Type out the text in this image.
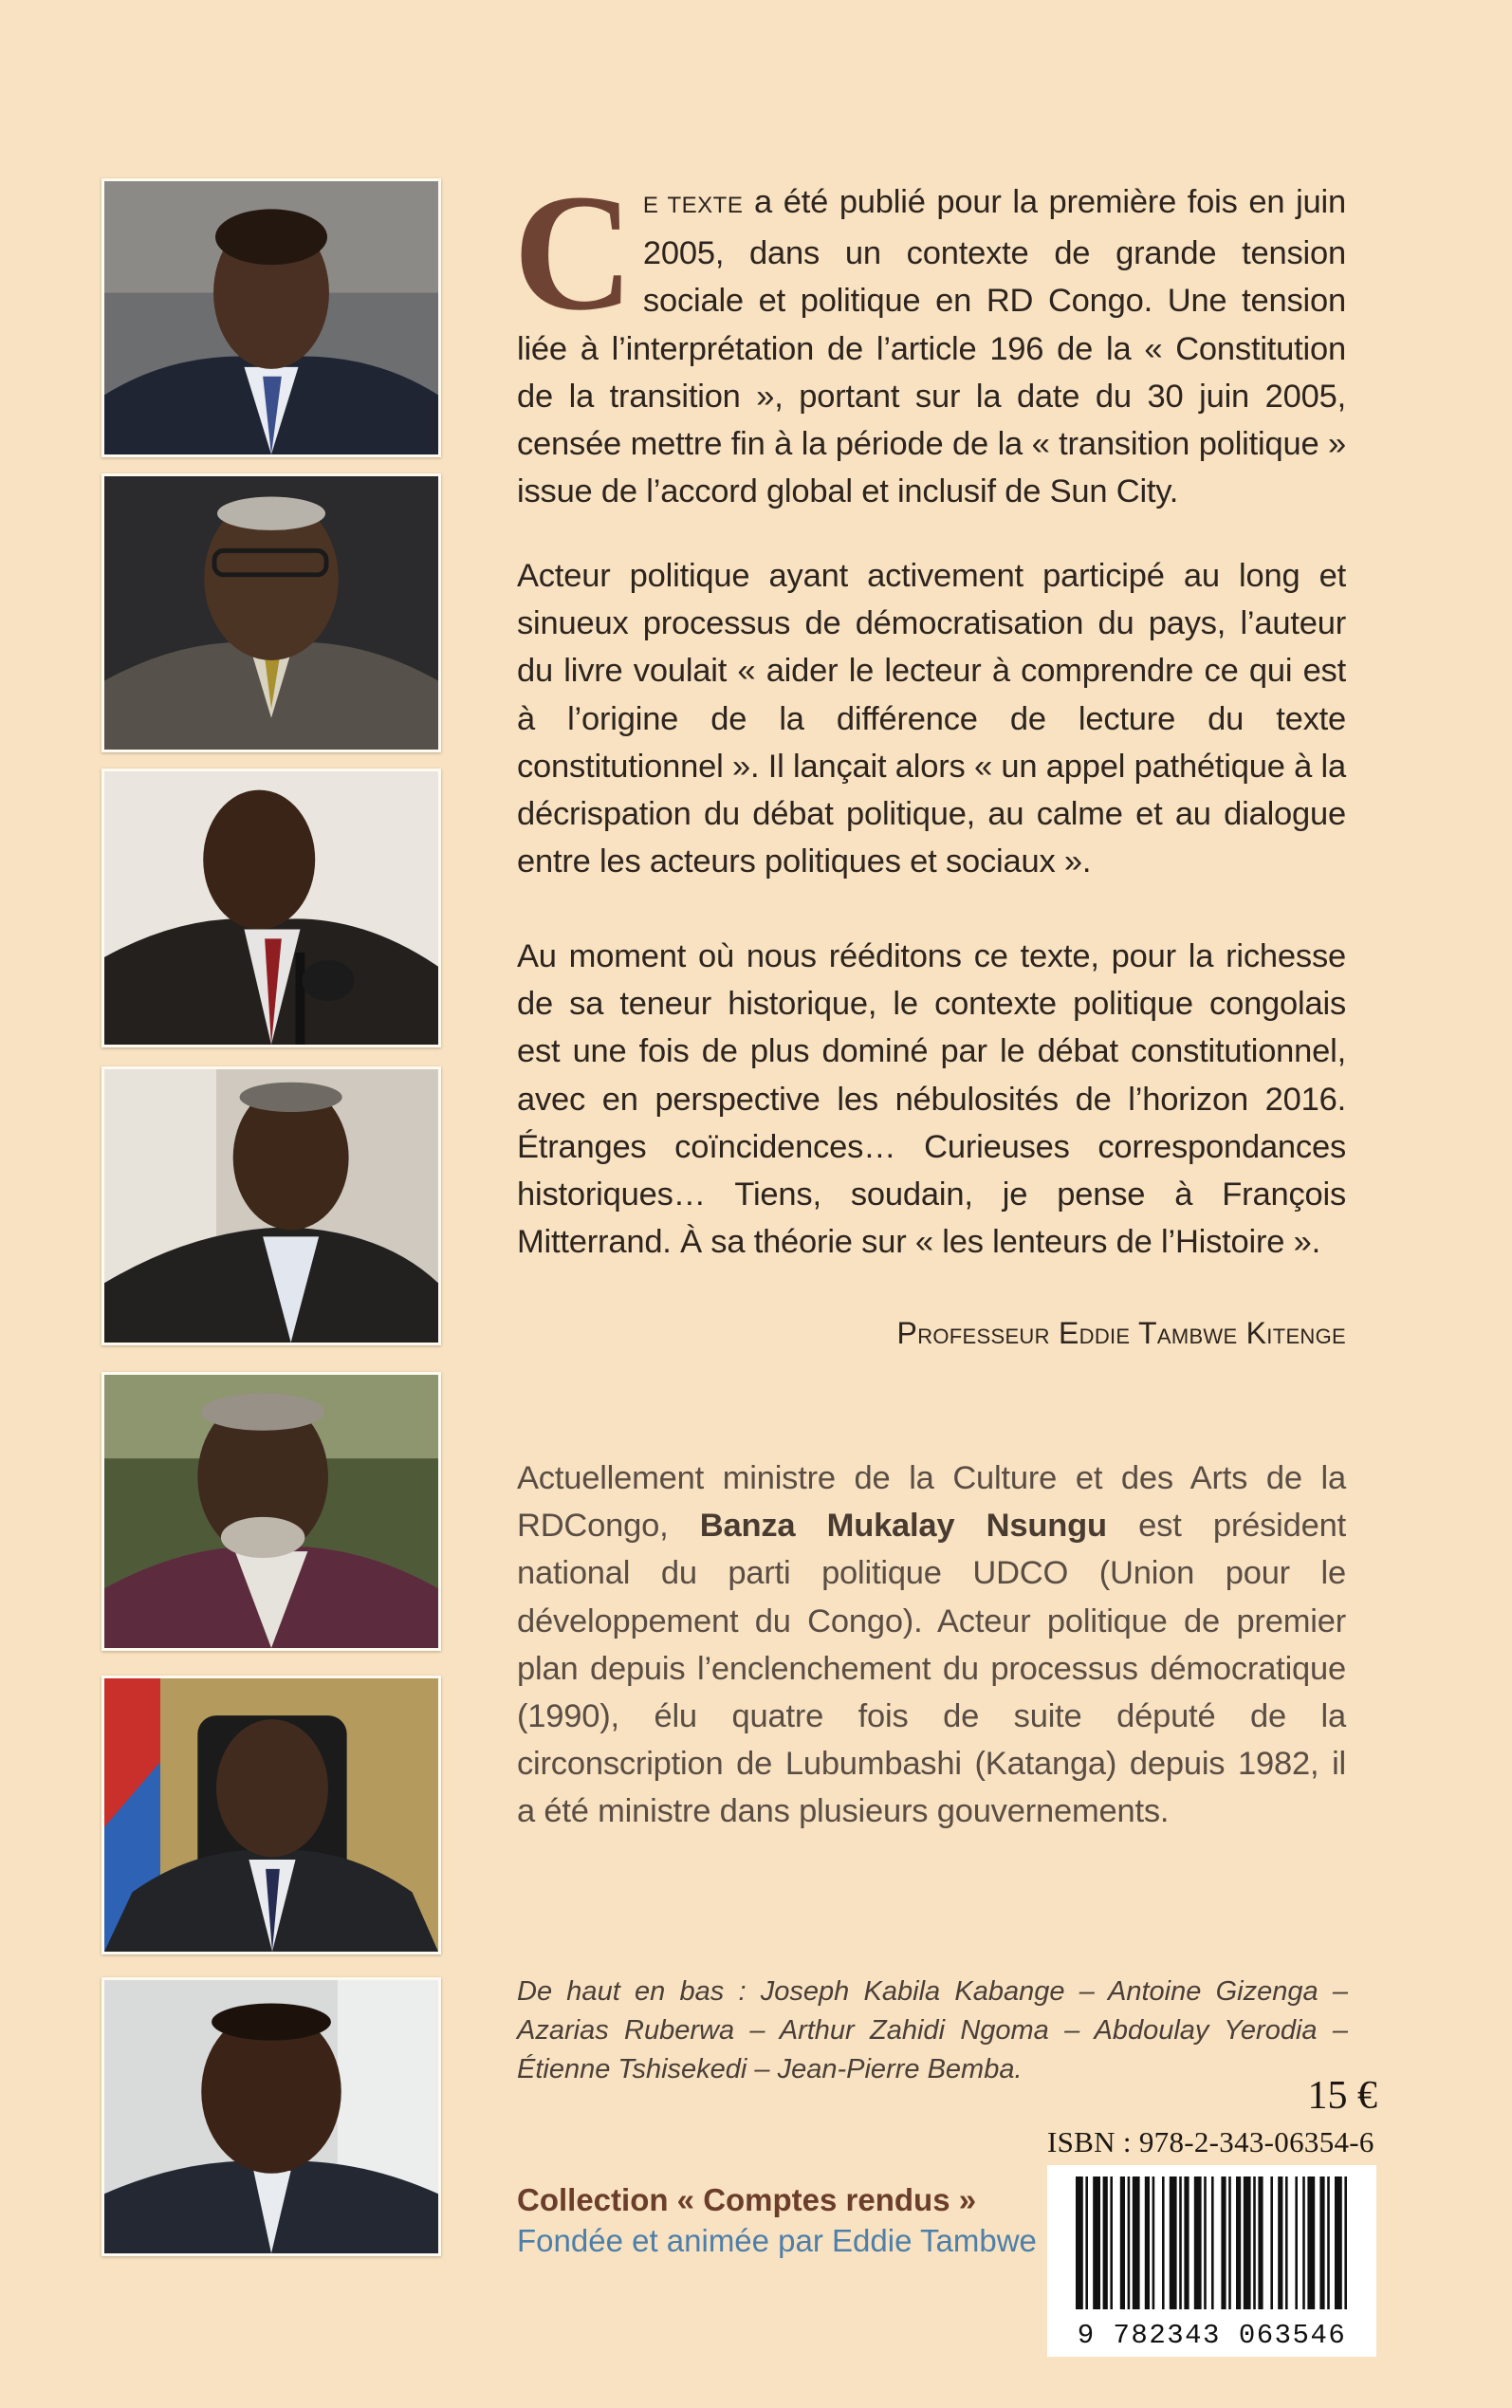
C E TEXTE a été publié pour la première fois en juin 2005, dans un contexte de grande tension sociale et politique en RD Congo. Une tension liée à l’interprétation de l’article 196 de la « Constitution de la transition », portant sur la date du 30 juin 2005, censée mettre fin à la période de la « transition politique » issue de l’accord global et inclusif de Sun City.

Acteur politique ayant activement participé au long et sinueux processus de démocratisation du pays, l’auteur du livre voulait « aider le lecteur à comprendre ce qui est à l’origine de la différence de lecture du texte constitutionnel ». Il lançait alors « un appel pathétique à la décrispation du débat politique, au calme et au dialogue entre les acteurs politiques et sociaux ».

Au moment où nous rééditons ce texte, pour la richesse de sa teneur historique, le contexte politique congolais est une fois de plus dominé par le débat constitutionnel, avec en perspective les nébulosités de l’horizon 2016. Étranges coïncidences… Curieuses correspondances historiques… Tiens, soudain, je pense à François Mitterrand. À sa théorie sur « les lenteurs de l’Histoire ».

Professeur Eddie Tambwe Kitenge

Actuellement ministre de la Culture et des Arts de la RDCongo, Banza Mukalay Nsungu est président national du parti politique UDCO (Union pour le développement du Congo). Acteur politique de premier plan depuis l’enclenchement du processus démocratique (1990), élu quatre fois de suite député de la circonscription de Lubumbashi (Katanga) depuis 1982, il a été ministre dans plusieurs gouvernements.

De haut en bas : Joseph Kabila Kabange – Antoine Gizenga – Azarias Ruberwa – Arthur Zahidi Ngoma – Abdoulay Yerodia – Étienne Tshisekedi – Jean-Pierre Bemba.

15 €
ISBN : 978-2-343-06354-6
9 782343 063546
Collection « Comptes rendus »
Fondée et animée par Eddie Tambwe
